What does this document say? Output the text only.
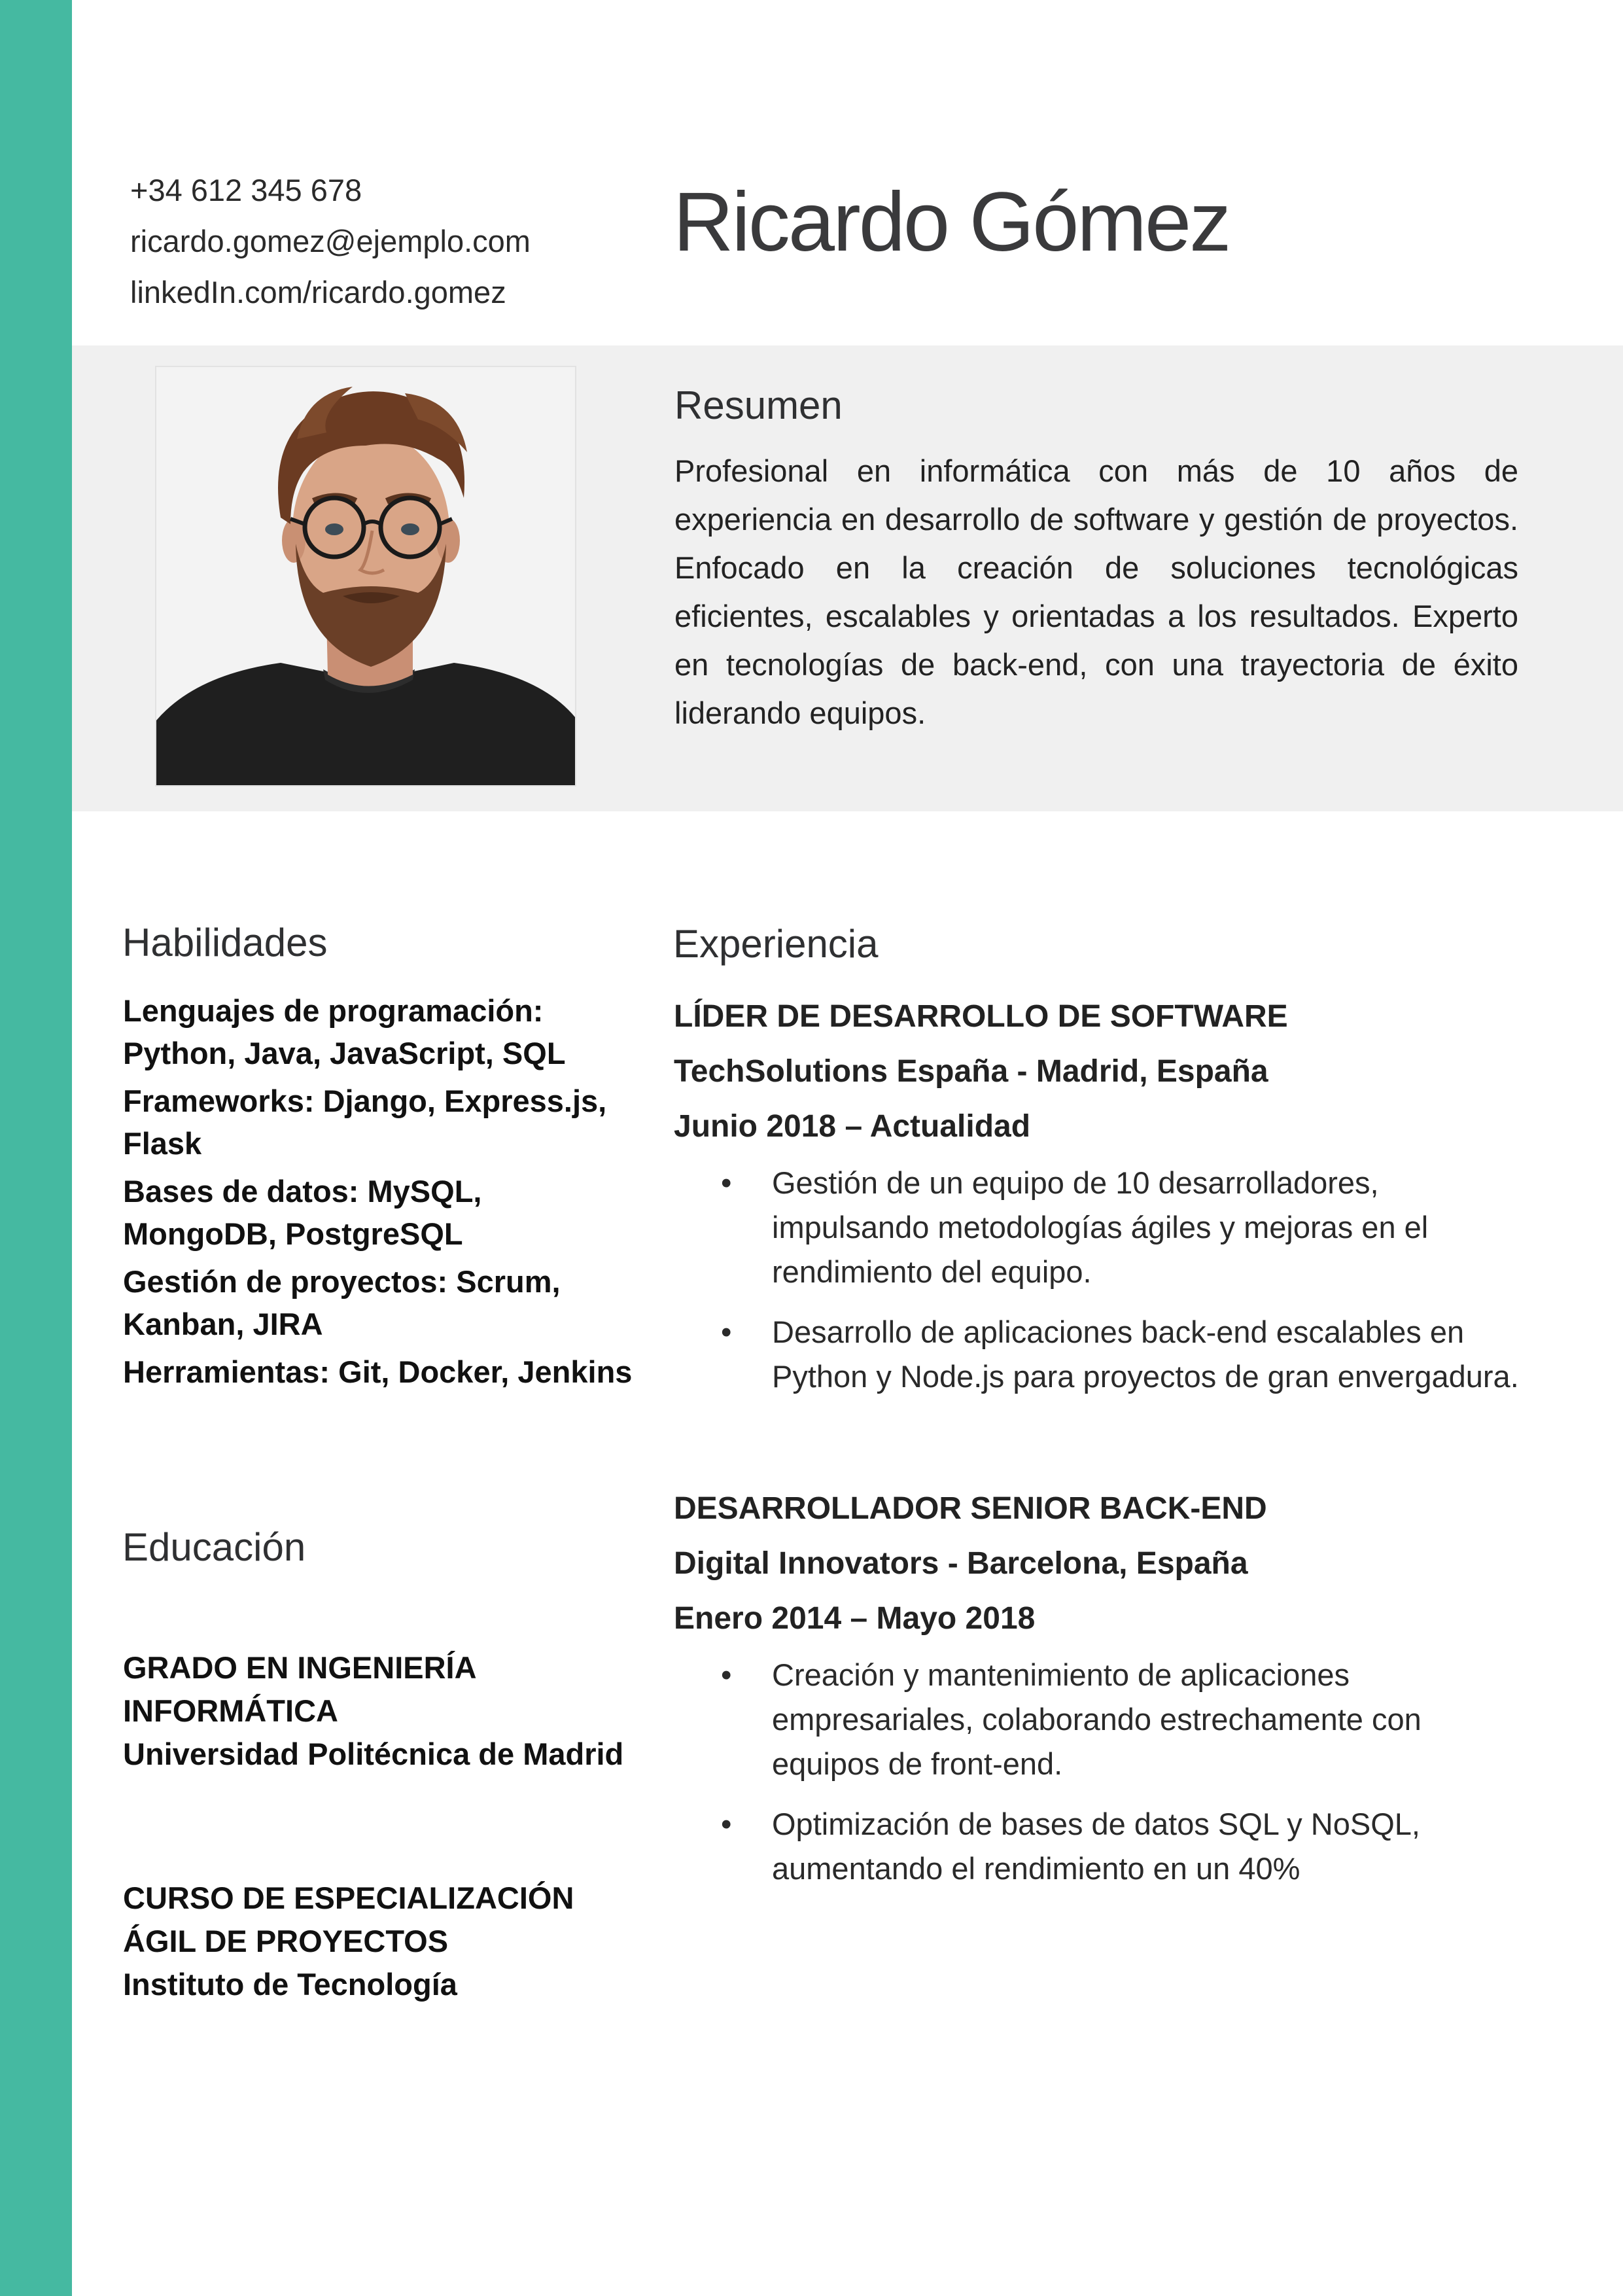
+34 612 345 678
ricardo.gomez@ejemplo.com
linkedIn.com/ricardo.gomez
Ricardo Gómez
Resumen
Profesional en informática con más de 10 años de experiencia en desarrollo de software y gestión de proyectos. Enfocado en la creación de soluciones tecnológicas eficientes, escalables y orientadas a los resultados. Experto en tecnologías de back-end, con una trayectoria de éxito liderando equipos.
Habilidades
Lenguajes de programación: Python, Java, JavaScript, SQL
Frameworks: Django, Express.js, Flask
Bases de datos: MySQL, MongoDB, PostgreSQL
Gestión de proyectos: Scrum, Kanban, JIRA
Herramientas: Git, Docker, Jenkins
Educación
GRADO EN INGENIERÍA INFORMÁTICA
Universidad Politécnica de Madrid
CURSO DE ESPECIALIZACIÓN ÁGIL DE PROYECTOS
Instituto de Tecnología
Experiencia
LÍDER DE DESARROLLO DE SOFTWARE
TechSolutions España - Madrid, España
Junio 2018 – Actualidad
• Gestión de un equipo de 10 desarrolladores, impulsando metodologías ágiles y mejoras en el rendimiento del equipo.
• Desarrollo de aplicaciones back-end escalables en Python y Node.js para proyectos de gran envergadura.
DESARROLLADOR SENIOR BACK-END
Digital Innovators - Barcelona, España
Enero 2014 – Mayo 2018
• Creación y mantenimiento de aplicaciones empresariales, colaborando estrechamente con equipos de front-end.
• Optimización de bases de datos SQL y NoSQL, aumentando el rendimiento en un 40%
